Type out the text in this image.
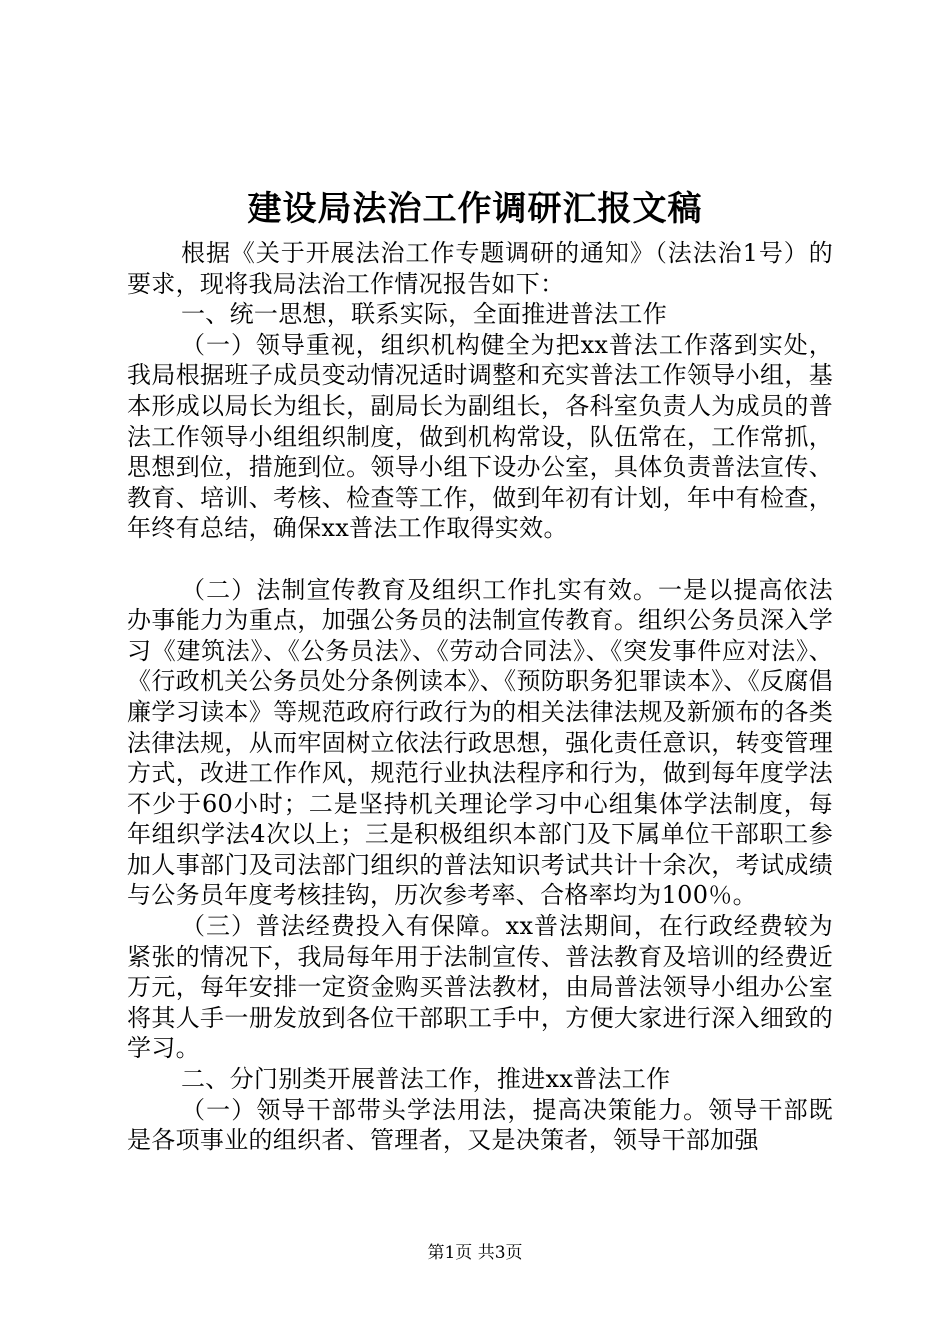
建设局法治工作调研汇报文稿

根据《关于开展法治工作专题调研的通知》（法法治1号）的要求，现将我局法治工作情况报告如下：

一、统一思想，联系实际，全面推进普法工作

（一）领导重视，组织机构健全为把xx普法工作落到实处，我局根据班子成员变动情况适时调整和充实普法工作领导小组，基本形成以局长为组长，副局长为副组长，各科室负责人为成员的普法工作领导小组组织制度，做到机构常设，队伍常在，工作常抓，思想到位，措施到位。领导小组下设办公室，具体负责普法宣传、教育、培训、考核、检查等工作，做到年初有计划，年中有检查，年终有总结，确保xx普法工作取得实效。

（二）法制宣传教育及组织工作扎实有效。一是以提高依法办事能力为重点，加强公务员的法制宣传教育。组织公务员深入学习《建筑法》、《公务员法》、《劳动合同法》、《突发事件应对法》、《行政机关公务员处分条例读本》、《预防职务犯罪读本》、《反腐倡廉学习读本》等规范政府行政行为的相关法律法规及新颁布的各类法律法规，从而牢固树立依法行政思想，强化责任意识，转变管理方式，改进工作作风，规范行业执法程序和行为，做到每年度学法不少于60小时；二是坚持机关理论学习中心组集体学法制度，每年组织学法4次以上；三是积极组织本部门及下属单位干部职工参加人事部门及司法部门组织的普法知识考试共计十余次，考试成绩与公务员年度考核挂钩，历次参考率、合格率均为100％。

（三）普法经费投入有保障。xx普法期间，在行政经费较为紧张的情况下，我局每年用于法制宣传、普法教育及培训的经费近万元，每年安排一定资金购买普法教材，由局普法领导小组办公室将其人手一册发放到各位干部职工手中，方便大家进行深入细致的学习。

二、分门别类开展普法工作，推进xx普法工作

（一）领导干部带头学法用法，提高决策能力。领导干部既是各项事业的组织者、管理者，又是决策者，领导干部加强

第1页 共3页
